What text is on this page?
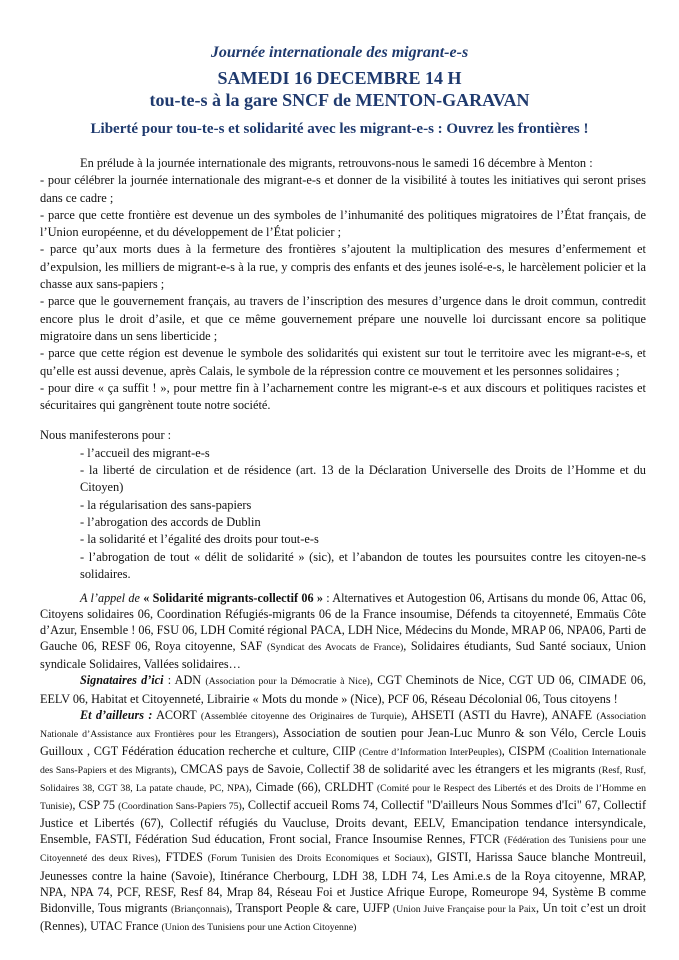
Journée internationale des migrant-e-s
SAMEDI 16 DECEMBRE 14 H
tou-te-s à la gare SNCF de MENTON-GARAVAN
Liberté pour tou-te-s et solidarité avec les migrant-e-s : Ouvrez les frontières !

En prélude à la journée internationale des migrants, retrouvons-nous le samedi 16 décembre à Menton :

- pour célébrer la journée internationale des migrant-e-s et donner de la visibilité à toutes les initiatives qui seront prises dans ce cadre ;

- parce que cette frontière est devenue un des symboles de l’inhumanité des politiques migratoires de l’État français, de l’Union européenne, et du développement de l’État policier ;

- parce qu’aux morts dues à la fermeture des frontières s’ajoutent la multiplication des mesures d’enfermement et d’expulsion, les milliers de migrant-e-s à la rue, y compris des enfants et des jeunes isolé-e-s, le harcèlement policier et la chasse aux sans-papiers ;

- parce que le gouvernement français, au travers de l’inscription des mesures d’urgence dans le droit commun, contredit encore plus le droit d’asile, et que ce même gouvernement prépare une nouvelle loi durcissant encore sa politique migratoire dans un sens liberticide ;

- parce que cette région est devenue le symbole des solidarités qui existent sur tout le territoire avec les migrant-e-s, et qu’elle est aussi devenue, après Calais, le symbole de la répression contre ce mouvement et les personnes solidaires ;

- pour dire « ça suffit ! », pour mettre fin à l’acharnement contre les migrant-e-s et aux discours et politiques racistes et sécuritaires qui gangrènent toute notre société.

Nous manifesterons pour :

- l’accueil des migrant-e-s

- la liberté de circulation et de résidence (art. 13 de la Déclaration Universelle des Droits de l’Homme et du Citoyen)

- la régularisation des sans-papiers

- l’abrogation des accords de Dublin

- la solidarité et l’égalité des droits pour tout-e-s

- l’abrogation de tout « délit de solidarité » (sic), et l’abandon de toutes les poursuites contre les citoyen-ne-s solidaires.

A l’appel de « Solidarité migrants-collectif 06 » : Alternatives et Autogestion 06, Artisans du monde 06, Attac 06, Citoyens solidaires 06, Coordination Réfugiés-migrants 06 de la France insoumise, Défends ta citoyenneté, Emmaüs Côte d’Azur, Ensemble ! 06, FSU 06, LDH Comité régional PACA, LDH Nice, Médecins du Monde, MRAP 06, NPA06, Parti de Gauche 06, RESF 06, Roya citoyenne, SAF (Syndicat des Avocats de France), Solidaires étudiants, Sud Santé sociaux, Union syndicale Solidaires, Vallées solidaires…

Signataires d’ici : ADN (Association pour la Démocratie à Nice), CGT Cheminots de Nice, CGT UD 06, CIMADE 06, EELV 06, Habitat et Citoyenneté, Librairie « Mots du monde » (Nice), PCF 06, Réseau Décolonial 06, Tous citoyens !

Et d’ailleurs : ACORT (Assemblée citoyenne des Originaires de Turquie), AHSETI (ASTI du Havre), ANAFE (Association Nationale d’Assistance aux Frontières pour les Etrangers), Association de soutien pour Jean-Luc Munro & son Vélo, Cercle Louis Guilloux , CGT Fédération éducation recherche et culture, CIIP (Centre d’Information InterPeuples), CISPM (Coalition Internationale des Sans-Papiers et des Migrants), CMCAS pays de Savoie, Collectif 38 de solidarité avec les étrangers et les migrants (Resf, Rusf, Solidaires 38, CGT 38, La patate chaude, PC, NPA), Cimade (66), CRLDHT (Comité pour le Respect des Libertés et des Droits de l’Homme en Tunisie), CSP 75 (Coordination Sans-Papiers 75), Collectif accueil Roms 74, Collectif "D'ailleurs Nous Sommes d'Ici" 67, Collectif Justice et Libertés (67), Collectif réfugiés du Vaucluse, Droits devant, EELV, Emancipation tendance intersyndicale, Ensemble, FASTI, Fédération Sud éducation, Front social, France Insoumise Rennes, FTCR (Fédération des Tunisiens pour une Citoyenneté des deux Rives), FTDES (Forum Tunisien des Droits Economiques et Sociaux), GISTI, Harissa Sauce blanche Montreuil, Jeunesses contre la haine (Savoie), Itinérance Cherbourg, LDH 38, LDH 74, Les Ami.e.s de la Roya citoyenne, MRAP, NPA, NPA 74, PCF, RESF, Resf 84, Mrap 84, Réseau Foi et Justice Afrique Europe, Romeurope 94, Système B comme Bidonville, Tous migrants (Briançonnais), Transport People & care, UJFP (Union Juive Française pour la Paix, Un toit c’est un droit (Rennes), UTAC France (Union des Tunisiens pour une Action Citoyenne)
